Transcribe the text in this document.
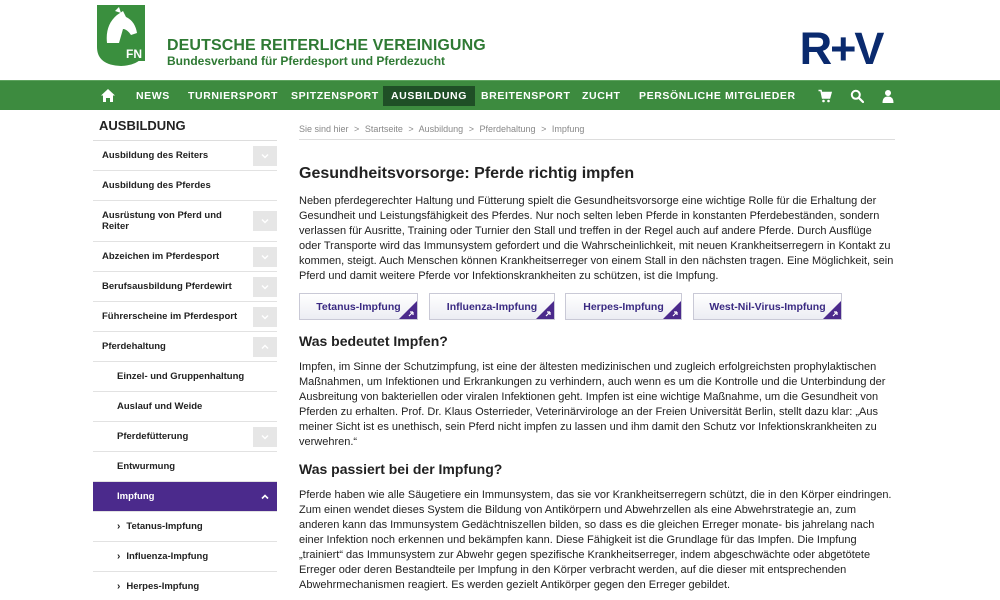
FN DEUTSCHE REITERLICHE VEREINIGUNG
Bundesverband für Pferdesport und Pferdezucht	R+V
NEWS	TURNIERSPORT	SPITZENSPORT	AUSBILDUNG	BREITENSPORT	ZUCHT	PERSÖNLICHE MITGLIEDER
AUSBILDUNG
Ausbildung des Reiters
Ausbildung des Pferdes
Ausrüstung von Pferd und Reiter
Abzeichen im Pferdesport
Berufsausbildung Pferdewirt
Führerscheine im Pferdesport
Pferdehaltung
Einzel- und Gruppenhaltung
Auslauf und Weide
Pferdefütterung
Entwurmung
Impfung
› Tetanus-Impfung
› Influenza-Impfung
› Herpes-Impfung
Sie sind hier > Startseite > Ausbildung > Pferdehaltung > Impfung
Gesundheitsvorsorge: Pferde richtig impfen
Neben pferdegerechter Haltung und Fütterung spielt die Gesundheitsvorsorge eine wichtige Rolle für die Erhaltung der Gesundheit und Leistungsfähigkeit des Pferdes. Nur noch selten leben Pferde in konstanten Pferdebeständen, sondern verlassen für Ausritte, Training oder Turnier den Stall und treffen in der Regel auch auf andere Pferde. Durch Ausflüge oder Transporte wird das Immunsystem gefordert und die Wahrscheinlichkeit, mit neuen Krankheitserregern in Kontakt zu kommen, steigt. Auch Menschen können Krankheitserreger von einem Stall in den nächsten tragen. Eine Möglichkeit, sein Pferd und damit weitere Pferde vor Infektionskrankheiten zu schützen, ist die Impfung.
Tetanus-Impfung	Influenza-Impfung	Herpes-Impfung	West-Nil-Virus-Impfung
Was bedeutet Impfen?
Impfen, im Sinne der Schutzimpfung, ist eine der ältesten medizinischen und zugleich erfolgreichsten prophylaktischen Maßnahmen, um Infektionen und Erkrankungen zu verhindern, auch wenn es um die Kontrolle und die Unterbindung der Ausbreitung von bakteriellen oder viralen Infektionen geht. Impfen ist eine wichtige Maßnahme, um die Gesundheit von Pferden zu erhalten. Prof. Dr. Klaus Osterrieder, Veterinärvirologe an der Freien Universität Berlin, stellt dazu klar: „Aus meiner Sicht ist es unethisch, sein Pferd nicht impfen zu lassen und ihm damit den Schutz vor Infektionskrankheiten zu verwehren.“
Was passiert bei der Impfung?
Pferde haben wie alle Säugetiere ein Immunsystem, das sie vor Krankheitserregern schützt, die in den Körper eindringen. Zum einen wendet dieses System die Bildung von Antikörpern und Abwehrzellen als eine Abwehrstrategie an, zum anderen kann das Immunsystem Gedächtniszellen bilden, so dass es die gleichen Erreger monate- bis jahrelang nach einer Infektion noch erkennen und bekämpfen kann. Diese Fähigkeit ist die Grundlage für das Impfen. Die Impfung „trainiert“ das Immunsystem zur Abwehr gegen spezifische Krankheitserreger, indem abgeschwächte oder abgetötete Erreger oder deren Bestandteile per Impfung in den Körper verbracht werden, auf die dieser mit entsprechenden Abwehrmechanismen reagiert. Es werden gezielt Antikörper gegen den Erreger gebildet.
